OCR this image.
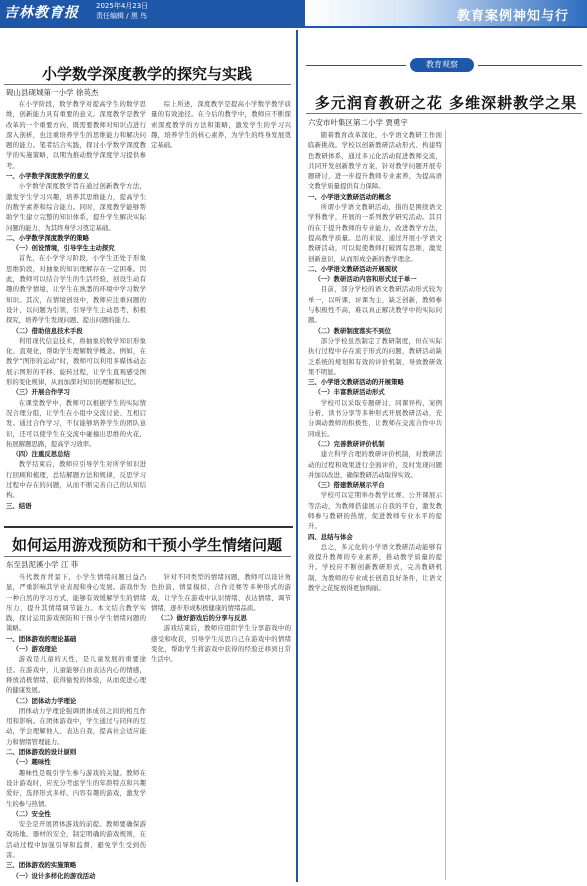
吉林教育报 2025年4月23日
责任编辑 / 黑 鸟	教育案例神知与行
小学数学深度教学的探究与实践
砚山县砚城第一小学 徐英杰

在小学阶段，数学教学对提高学生的数学思维，创新能力具有重要的意义。深度教学是教学改革的一个重要方向，既需要教师对知识点进行深入剖析，也注重培养学生的思维能力和解决问题的能力。笔者结合实践，探讨小学数学深度教学的实施策略，以期为推动数学深度学习提供参考。

一、小学数学深度教学的意义

小学数学深度教学旨在通过创新教学方法，激发学生学习兴趣，培养其思维能力，提高学生的数学素养和综合能力。同时，深度教学能够帮助学生建立完整的知识体系，提升学生解决实际问题的能力，为其终身学习奠定基础。

二、小学数学深度教学的策略

（一）创设情境，引导学生主动探究

首先，在小学学习阶段，小学生还处于形象思维阶段，对抽象的知识理解存在一定困难。因此，教师可以结合学生的生活经验，创设生动有趣的教学情境，让学生在熟悉的环境中学习数学知识。其次，在情境创设中，教师应注重问题的设计，以问题为引领，引导学生主动思考、积极探究，培养学生发现问题、提出问题的能力。

（二）借助信息技术手段

利用现代信息技术，将抽象的数学知识形象化、直观化，帮助学生理解数学概念。例如，在教学“图形的运动”时，教师可以利用多媒体动态展示图形的平移、旋转过程，让学生直观感受图形的变化规律，从而加深对知识的理解和记忆。

（三）开展合作学习

在课堂教学中，教师可以根据学生的实际情况合理分组，让学生在小组中交流讨论、互相启发。通过合作学习，不仅能够培养学生的团队意识，还可以使学生在交流中碰撞出思维的火花，拓展解题思路，提高学习效率。

（四）注重反思总结

教学结束后，教师应引导学生对所学知识进行回顾和梳理，总结解题方法和规律，反思学习过程中存在的问题，从而不断完善自己的认知结构。

三、结语

综上所述，深度教学是提高小学数学教学质量的有效途径。在今后的教学中，教师应不断探索深度教学的方法和策略，激发学生的学习兴趣，培养学生的核心素养，为学生的终身发展奠定基础。

如何运用游戏预防和干预小学生情绪问题
东至县泥溪小学 江 菲

当代教育背景下，小学生情绪问题日益凸显，严重影响其学业表现和身心发展。游戏作为一种自然的学习方式，能够有效缓解学生的情绪压力，提升其情绪调节能力。本文结合教学实践，探讨运用游戏预防和干预小学生情绪问题的策略。

一、团体游戏的理论基础

（一）游戏理论

游戏是儿童的天性，是儿童发展的重要途径。在游戏中，儿童能够自由表达内心的情感，释放消极情绪，获得愉悦的体验，从而促进心理的健康发展。

（二）团体动力学理论

团体动力学理论强调团体成员之间的相互作用和影响。在团体游戏中，学生通过与同伴的互动，学会理解他人、表达自我，提高社会适应能力和情绪管理能力。

二、团体游戏的设计原则

（一）趣味性

趣味性是吸引学生参与游戏的关键。教师在设计游戏时，应充分考虑学生的年龄特点和兴趣爱好，选择形式多样、内容有趣的游戏，激发学生的参与热情。

（二）安全性

安全是开展团体游戏的前提。教师要确保游戏场地、器材的安全，制定明确的游戏规则，在活动过程中加强引导和监督，避免学生受到伤害。

三、团体游戏的实施策略

（一）设计多样化的游戏活动

针对不同类型的情绪问题，教师可以设计角色扮演、情景模拟、合作竞赛等多种形式的游戏，让学生在游戏中认识情绪、表达情绪、调节情绪，逐步形成积极健康的情绪品质。

（二）做好游戏后的分享与反思

游戏结束后，教师应组织学生分享游戏中的感受和收获，引导学生反思自己在游戏中的情绪变化，帮助学生将游戏中获得的经验迁移到日常生活中。

教育观察
多元润育教研之花 多维深耕教学之果
六安市叶集区第二小学 贾勇宇

随着教育改革深化，小学语文教研工作面临新挑战。学校以创新教研活动形式、构建特色教研体系，通过多元化活动促进教师交流，共同开发创新教学方案，针对教学问题开展专题研讨，进一步提升教师专业素养，为提高语文教学质量提供有力保障。

一、小学语文教研活动的概念

所谓小学语文教研活动，指的是围绕语文学科教学，开展的一系列教学研究活动。其目的在于提升教师的专业能力，改进教学方法，提高教学质量。总的来说，通过开展小学语文教研活动，可以促使教师打破固有思维，激发创新意识，从而形成全新的教学理念。

二、小学语文教研活动开展现状

（一）教研活动内容和形式过于单一

目前，部分学校的语文教研活动形式较为单一，以听课、评课为主，缺乏创新，教师参与积极性不高，难以真正解决教学中的实际问题。

（二）教研制度落实不到位

部分学校虽然制定了教研制度，但在实际执行过程中存在流于形式的问题，教研活动缺乏系统的规划和有效的评价机制，导致教研效果不明显。

三、小学语文教研活动的开展策略

（一）丰富教研活动形式

学校可以采取专题研讨、同课异构、案例分析、读书分享等多种形式开展教研活动，充分调动教师的积极性，让教师在交流合作中共同成长。

（二）完善教研评价机制

建立科学合理的教研评价机制，对教研活动的过程和效果进行全面评价，及时发现问题并加以改进，确保教研活动取得实效。

（三）搭建教研展示平台

学校可以定期举办教学比赛、公开课展示等活动，为教师搭建展示自我的平台，激发教师参与教研的热情，促进教师专业水平的提升。

四、总结与体会

总之，多元化的小学语文教研活动能够有效提升教师的专业素养，推动教学质量的提升。学校应不断创新教研形式，完善教研机制，为教师的专业成长创造良好条件，让语文教学之花绽放得更加绚丽。
